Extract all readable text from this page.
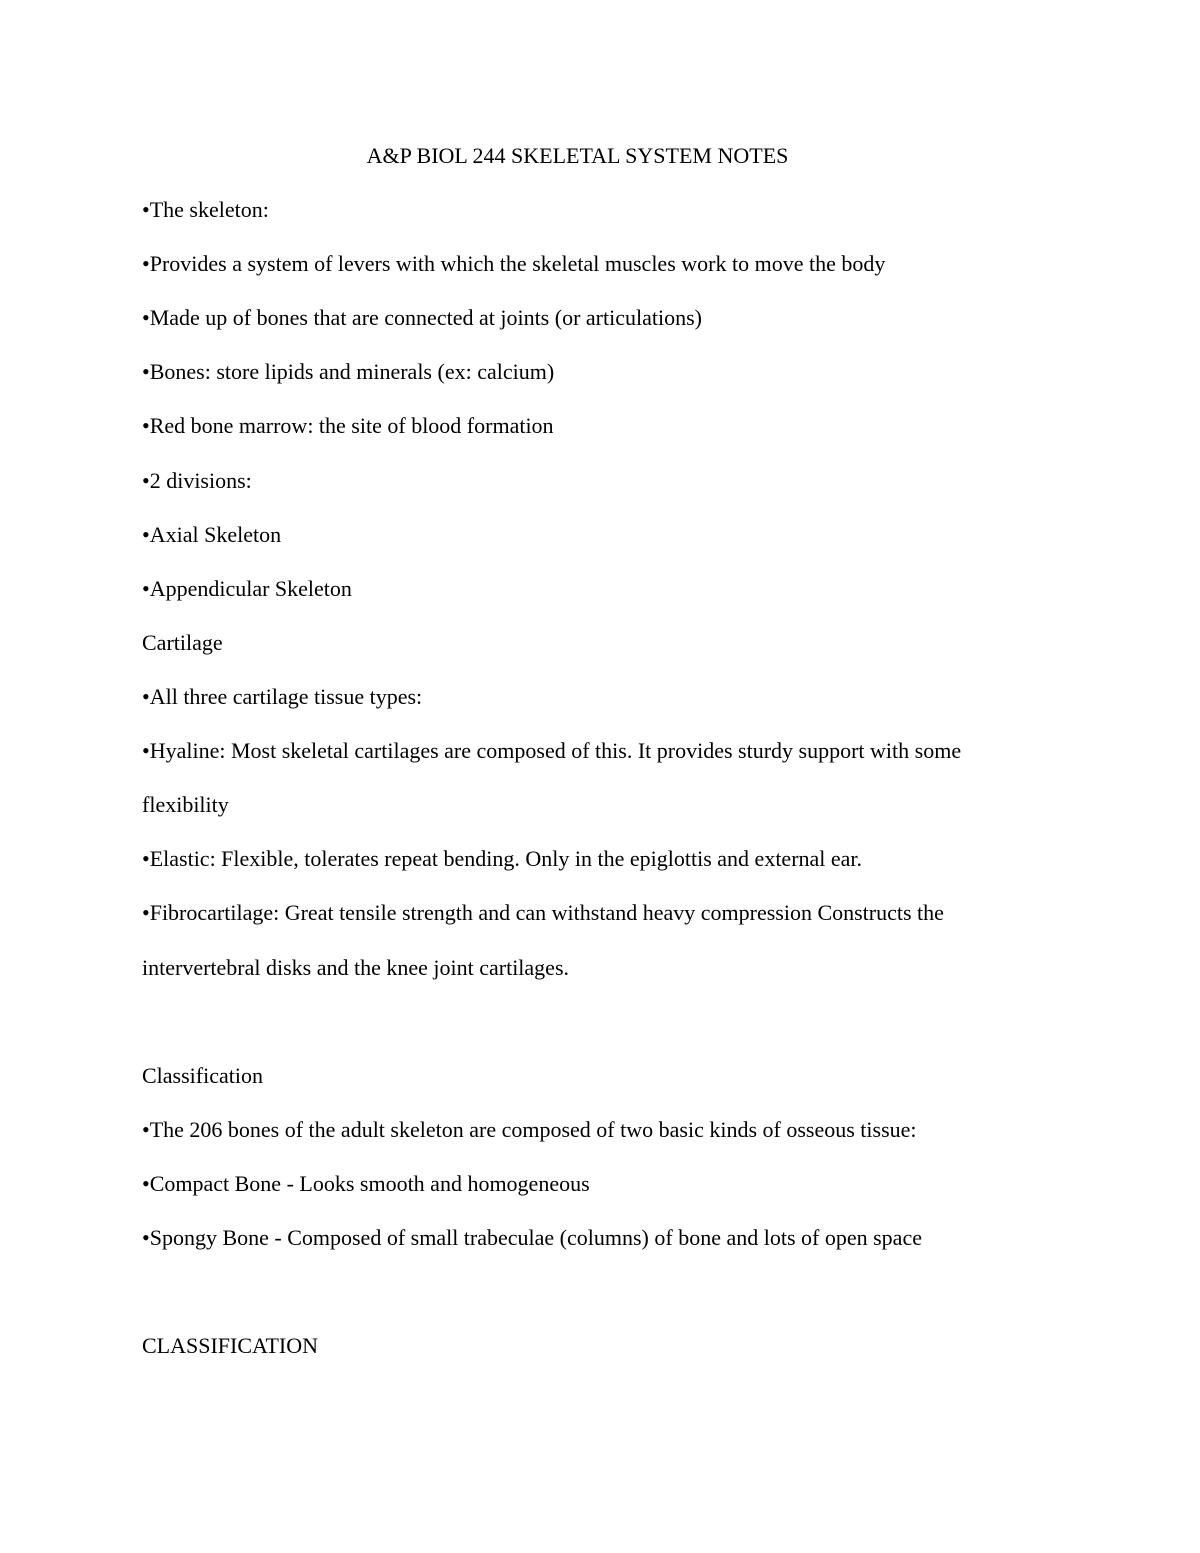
A&P BIOL 244 SKELETAL SYSTEM NOTES
•The skeleton:
•Provides a system of levers with which the skeletal muscles work to move the body
•Made up of bones that are connected at joints (or articulations)
•Bones: store lipids and minerals (ex: calcium)
•Red bone marrow: the site of blood formation
•2 divisions:
•Axial Skeleton
•Appendicular Skeleton
Cartilage
•All three cartilage tissue types:
•Hyaline: Most skeletal cartilages are composed of this. It provides sturdy support with some
flexibility
•Elastic: Flexible, tolerates repeat bending. Only in the epiglottis and external ear.
•Fibrocartilage: Great tensile strength and can withstand heavy compression Constructs the
intervertebral disks and the knee joint cartilages.
Classification
•The 206 bones of the adult skeleton are composed of two basic kinds of osseous tissue:
•Compact Bone - Looks smooth and homogeneous
•Spongy Bone - Composed of small trabeculae (columns) of bone and lots of open space
CLASSIFICATION
